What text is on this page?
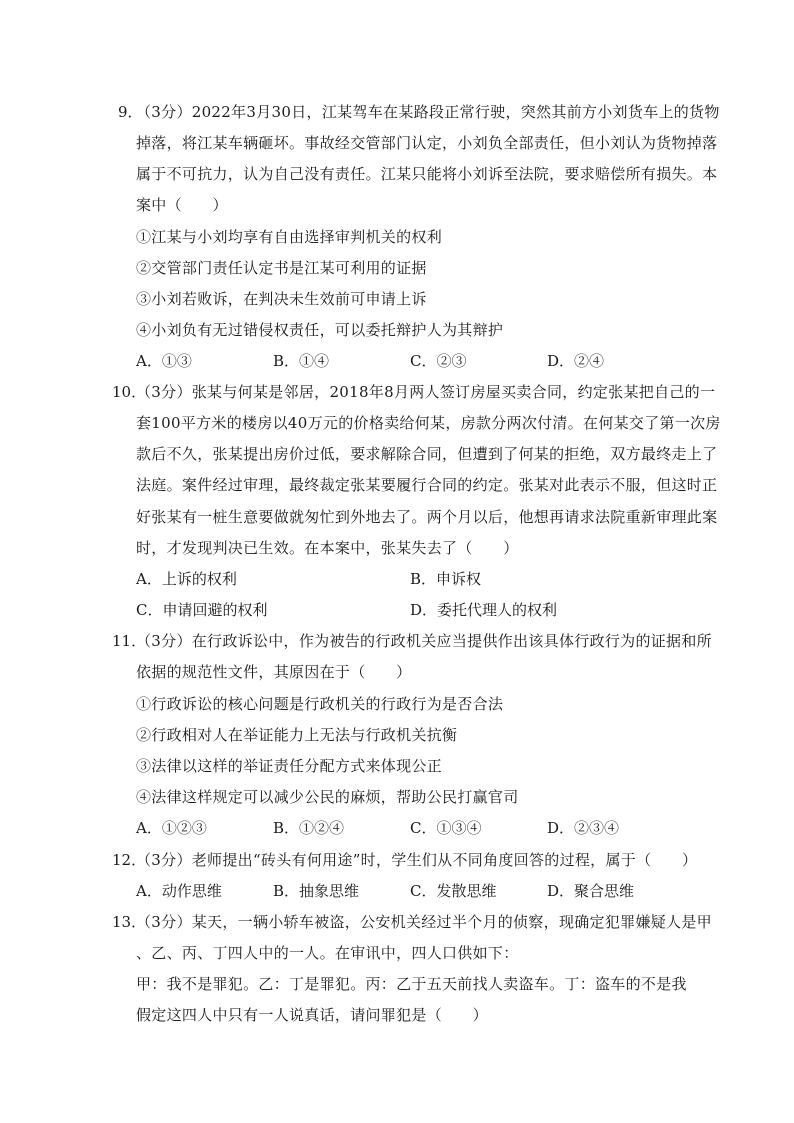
9．
（3分）2022年3月30日，江某驾车在某路段正常行驶，突然其前方小刘货车上的货物
掉落，将江某车辆砸坏。事故经交管部门认定，小刘负全部责任，但小刘认为货物掉落
属于不可抗力，认为自己没有责任。江某只能将小刘诉至法院，要求赔偿所有损失。本
案中（　　）
①江某与小刘均享有自由选择审判机关的权利
②交管部门责任认定书是江某可利用的证据
③小刘若败诉，在判决未生效前可申请上诉
④小刘负有无过错侵权责任，可以委托辩护人为其辩护
A．①③	B．①④	C．②③	D．②④
10．
（3分）张某与何某是邻居，2018年8月两人签订房屋买卖合同，约定张某把自己的一
套100平方米的楼房以40万元的价格卖给何某，房款分两次付清。在何某交了第一次房
款后不久，张某提出房价过低，要求解除合同，但遭到了何某的拒绝，双方最终走上了
法庭。案件经过审理，最终裁定张某要履行合同的约定。张某对此表示不服，但这时正
好张某有一桩生意要做就匆忙到外地去了。两个月以后，他想再请求法院重新审理此案
时，才发现判决已生效。在本案中，张某失去了（　　）
A．上诉的权利	B．申诉权
C．申请回避的权利	D．委托代理人的权利
11．
（3分）在行政诉讼中，作为被告的行政机关应当提供作出该具体行政行为的证据和所
依据的规范性文件，其原因在于（　　）
①行政诉讼的核心问题是行政机关的行政行为是否合法
②行政相对人在举证能力上无法与行政机关抗衡
③法律以这样的举证责任分配方式来体现公正
④法律这样规定可以减少公民的麻烦，帮助公民打赢官司
A．①②③	B．①②④	C．①③④	D．②③④
12．
（3分）老师提出“砖头有何用途”时，学生们从不同角度回答的过程，属于（　　）
A．动作思维	B．抽象思维	C．发散思维	D．聚合思维
13．
（3分）某天，一辆小轿车被盗，公安机关经过半个月的侦察，现确定犯罪嫌疑人是甲
、乙、丙、丁四人中的一人。在审讯中，四人口供如下：
甲：我不是罪犯。乙：丁是罪犯。丙：乙于五天前找人卖盗车。丁：盗车的不是我
假定这四人中只有一人说真话，请问罪犯是（　　）
